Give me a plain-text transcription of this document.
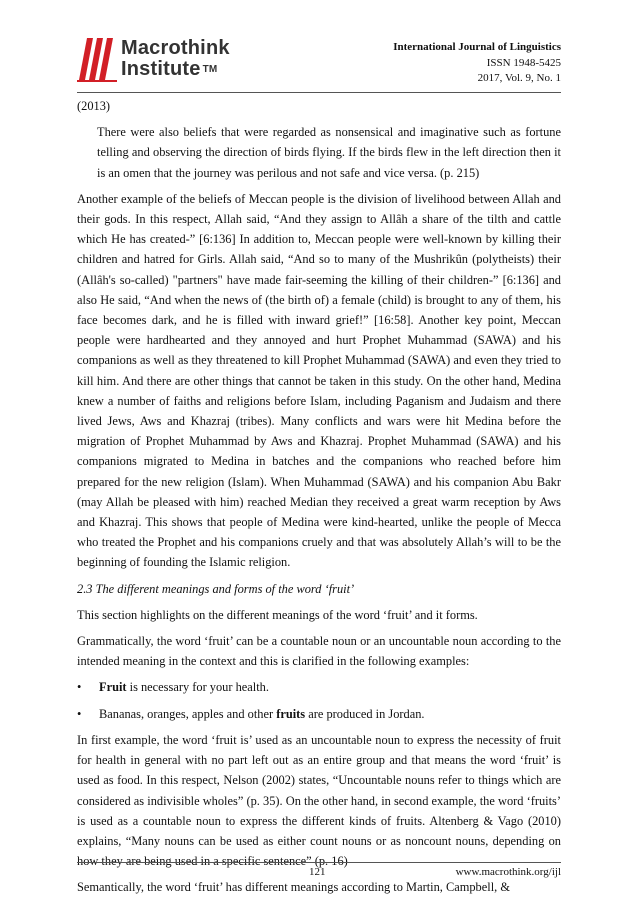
Macrothink
Institute ™
International Journal of Linguistics
ISSN 1948-5425
2017, Vol. 9, No. 1

(2013)

There were also beliefs that were regarded as nonsensical and imaginative such as fortune telling and observing the direction of birds flying. If the birds flew in the left direction then it is an omen that the journey was perilous and not safe and vice versa. (p. 215)

Another example of the beliefs of Meccan people is the division of livelihood between Allah and their gods. In this respect, Allah said, “And they assign to Allâh a share of the tilth and cattle which He has created-” [6:136] In addition to, Meccan people were well-known by killing their children and hatred for Girls. Allah said, “And so to many of the Mushrikûn (polytheists) their (Allâh's so-called) "partners" have made fair-seeming the killing of their children-” [6:136] and also He said, “And when the news of (the birth of) a female (child) is brought to any of them, his face becomes dark, and he is filled with inward grief!” [16:58]. Another key point, Meccan people were hardhearted and they annoyed and hurt Prophet Muhammad (SAWA) and his companions as well as they threatened to kill Prophet Muhammad (SAWA) and even they tried to kill him. And there are other things that cannot be taken in this study. On the other hand, Medina knew a number of faiths and religions before Islam, including Paganism and Judaism and there lived Jews, Aws and Khazraj (tribes). Many conflicts and wars were hit Medina before the migration of Prophet Muhammad by Aws and Khazraj. Prophet Muhammad (SAWA) and his companions migrated to Medina in batches and the companions who reached before him prepared for the new religion (Islam). When Muhammad (SAWA) and his companion Abu Bakr (may Allah be pleased with him) reached Median they received a great warm reception by Aws and Khazraj. This shows that people of Medina were kind-hearted, unlike the people of Mecca who treated the Prophet and his companions cruely and that was absolutely Allah’s will to be the beginning of founding the Islamic religion.

2.3 The different meanings and forms of the word ‘fruit’

This section highlights on the different meanings of the word ‘fruit’ and it forms.

Grammatically, the word ‘fruit’ can be a countable noun or an uncountable noun according to the intended meaning in the context and this is clarified in the following examples:

• Fruit is necessary for your health.
• Bananas, oranges, apples and other fruits are produced in Jordan.

In first example, the word ‘fruit is’ used as an uncountable noun to express the necessity of fruit for health in general with no part left out as an entire group and that means the word ‘fruit’ is used as food. In this respect, Nelson (2002) states, “Uncountable nouns refer to things which are considered as indivisible wholes” (p. 35). On the other hand, in second example, the word ‘fruits’ is used as a countable noun to express the different kinds of fruits. Altenberg & Vago (2010) explains, “Many nouns can be used as either count nouns or as noncount nouns, depending on

Semantically, the word ‘fruit’ has different meanings according to Martin, Campbell, &

121	www.macrothink.org/ijl
